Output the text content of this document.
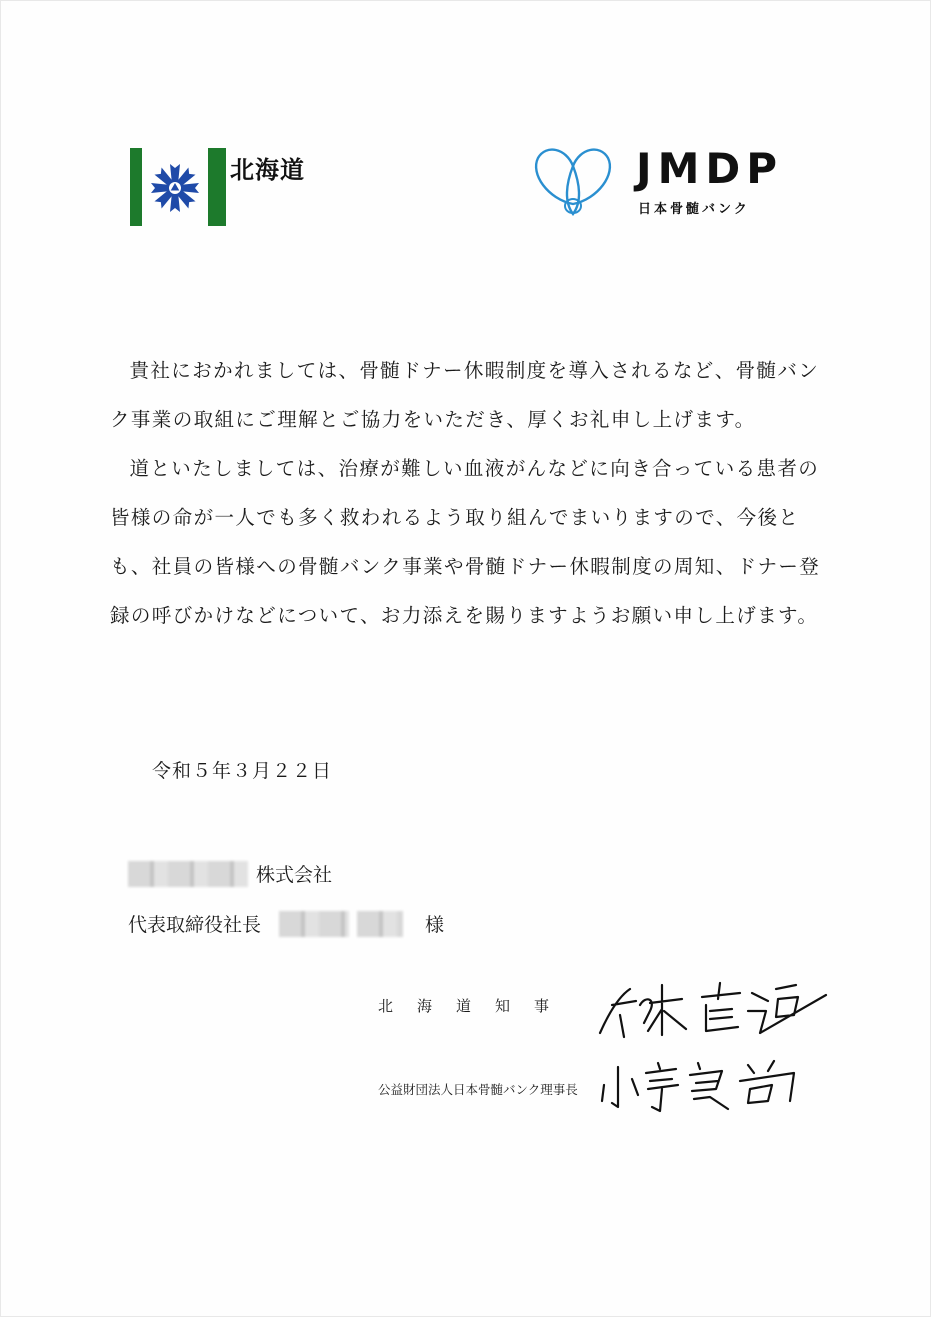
北海道	JMDP
日本骨髄バンク

貴社におかれましては、骨髄ドナー休暇制度を導入されるなど、骨髄バンク事業の取組にご理解とご協力をいただき、厚くお礼申し上げます。

道といたしましては、治療が難しい血液がんなどに向き合っている患者の皆様の命が一人でも多く救われるよう取り組んでまいりますので、今後とも、社員の皆様への骨髄バンク事業や骨髄ドナー休暇制度の周知、ドナー登録の呼びかけなどについて、お力添えを賜りますようお願い申し上げます。

令和５年３月２２日
株式会社
代表取締役社長	様
北海道知事
公益財団法人日本骨髄バンク理事長
